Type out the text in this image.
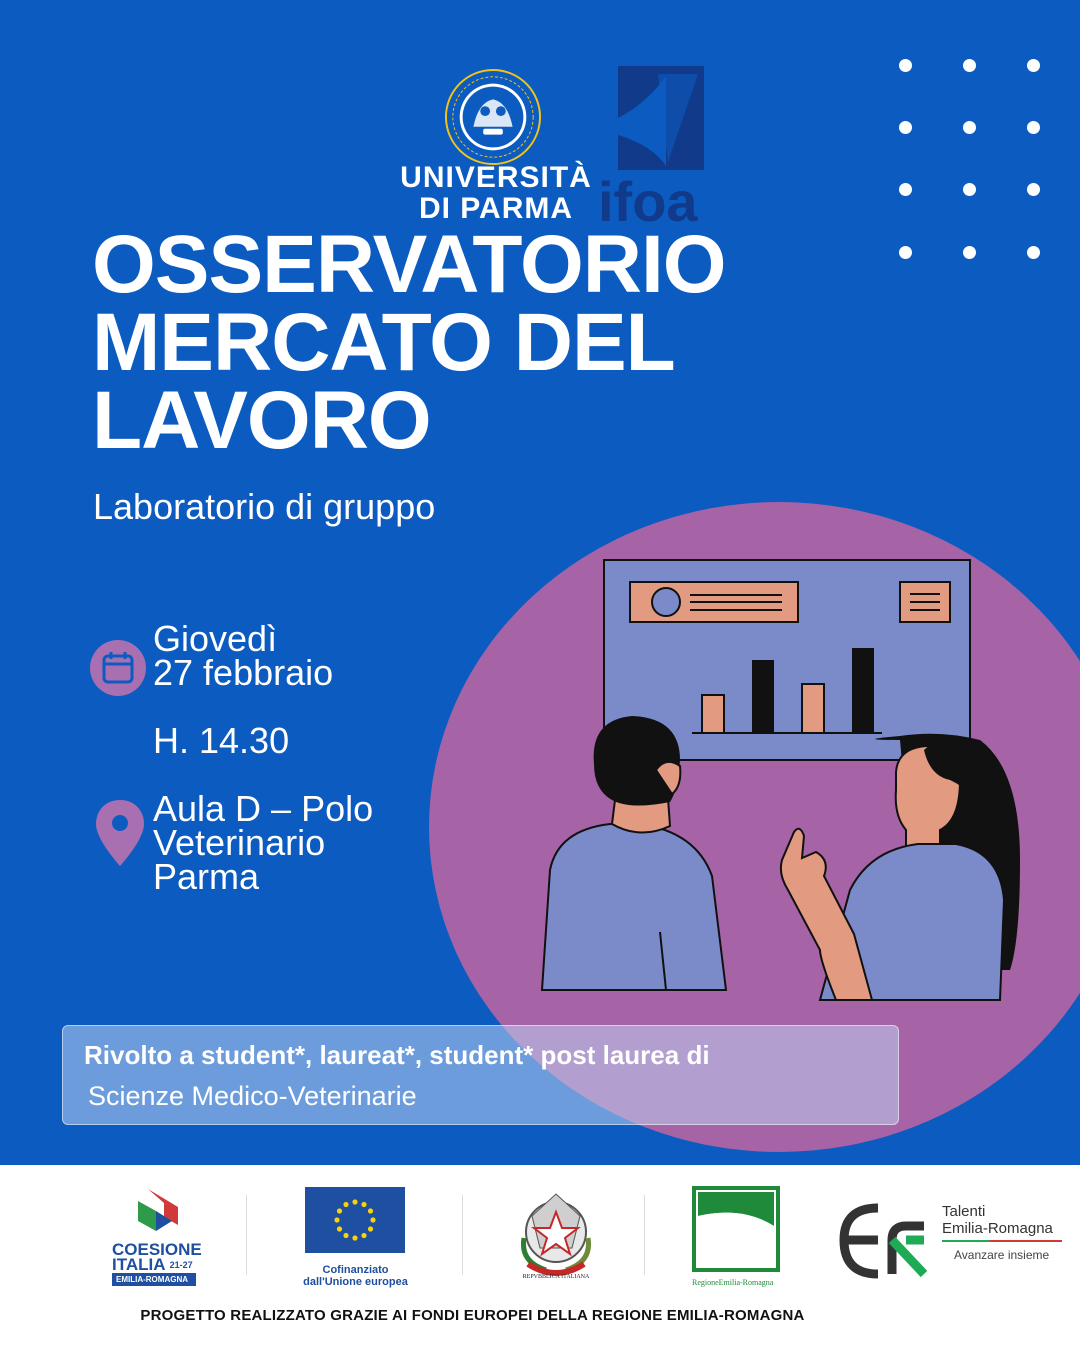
UNIVERSITÀ
DI PARMA ifoa
OSSERVATORIO
MERCATO DEL
LAVORO
Laboratorio di gruppo
Giovedì
27 febbraio
H. 14.30
Aula D – Polo
Veterinario
Parma
Rivolto a student*, laureat*, student* post laurea di
Scienze Medico-Veterinarie
COESIONE
ITALIA $^{21-27}$
EMILIA-ROMAGNA
Cofinanziato
dall'Unione europea	REPVBBLICA ITALIANA
RegioneEmilia-Romagna
Talenti
Emilia-Romagna
Avanzare insieme
PROGETTO REALIZZATO GRAZIE AI FONDI EUROPEI DELLA REGIONE EMILIA-ROMAGNA
